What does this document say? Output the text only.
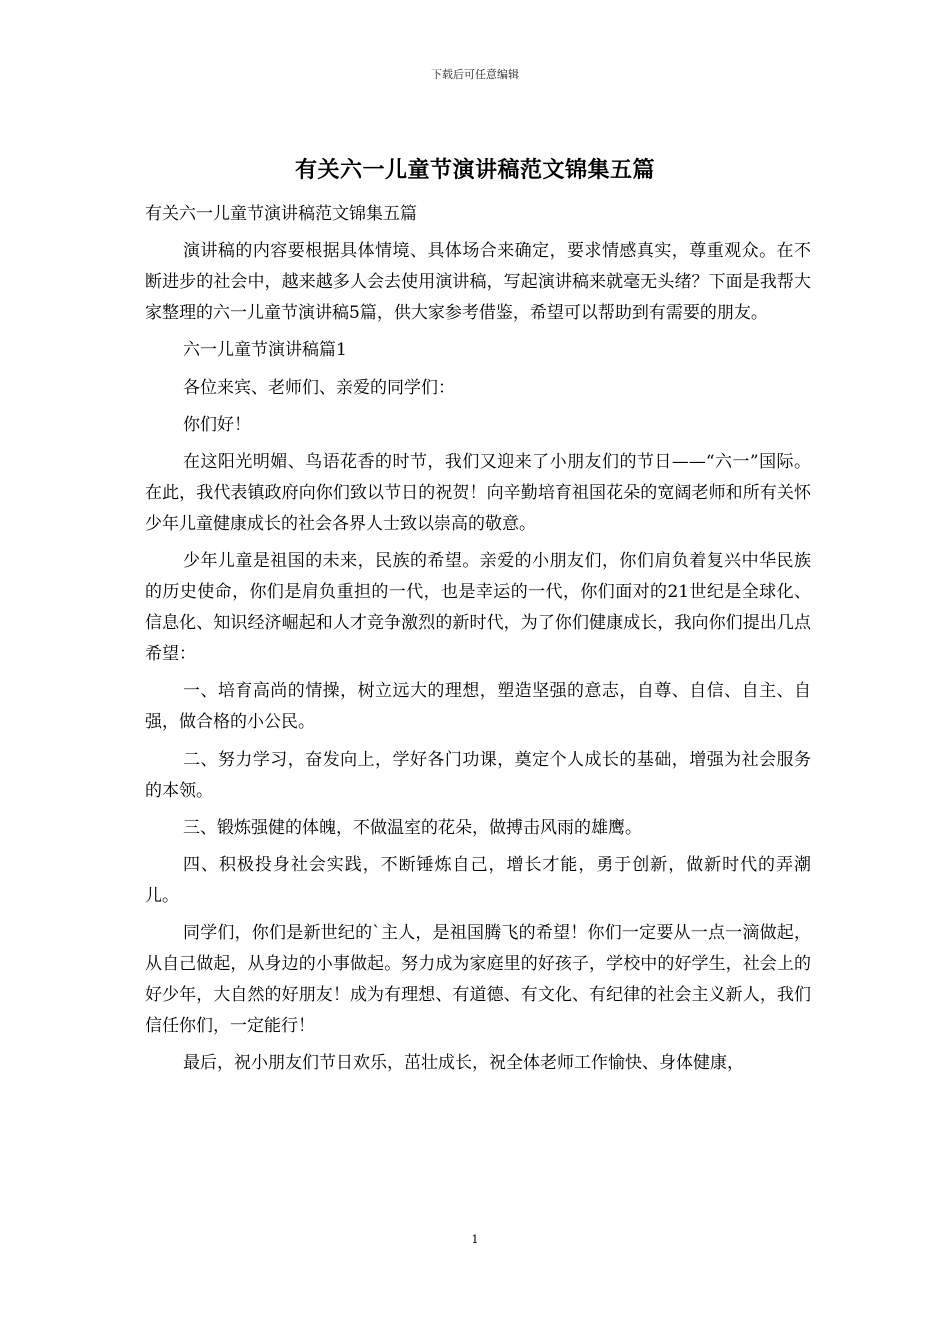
下载后可任意编辑
有关六一儿童节演讲稿范文锦集五篇

有关六一儿童节演讲稿范文锦集五篇

演讲稿的内容要根据具体情境、具体场合来确定，要求情感真实，尊重观众。在不断进步的社会中，越来越多人会去使用演讲稿，写起演讲稿来就毫无头绪？下面是我帮大家整理的六一儿童节演讲稿5篇，供大家参考借鉴，希望可以帮助到有需要的朋友。

六一儿童节演讲稿篇1

各位来宾、老师们、亲爱的同学们：

你们好！

在这阳光明媚、鸟语花香的时节，我们又迎来了小朋友们的节日——“六一”国际。在此，我代表镇政府向你们致以节日的祝贺！向辛勤培育祖国花朵的宽阔老师和所有关怀少年儿童健康成长的社会各界人士致以崇高的敬意。

少年儿童是祖国的未来，民族的希望。亲爱的小朋友们，你们肩负着复兴中华民族的历史使命，你们是肩负重担的一代，也是幸运的一代，你们面对的21世纪是全球化、信息化、知识经济崛起和人才竞争激烈的新时代，为了你们健康成长，我向你们提出几点希望：

一、培育高尚的情操，树立远大的理想，塑造坚强的意志，自尊、自信、自主、自强，做合格的小公民。

二、努力学习，奋发向上，学好各门功课，奠定个人成长的基础，增强为社会服务的本领。

三、锻炼强健的体魄，不做温室的花朵，做搏击风雨的雄鹰。

四、积极投身社会实践，不断锤炼自己，增长才能，勇于创新，做新时代的弄潮儿。

同学们，你们是新世纪的`主人，是祖国腾飞的希望！你们一定要从一点一滴做起，从自己做起，从身边的小事做起。努力成为家庭里的好孩子，学校中的好学生，社会上的好少年，大自然的好朋友！成为有理想、有道德、有文化、有纪律的社会主义新人，我们信任你们，一定能行！

最后，祝小朋友们节日欢乐，茁壮成长，祝全体老师工作愉快、身体健康，

1
